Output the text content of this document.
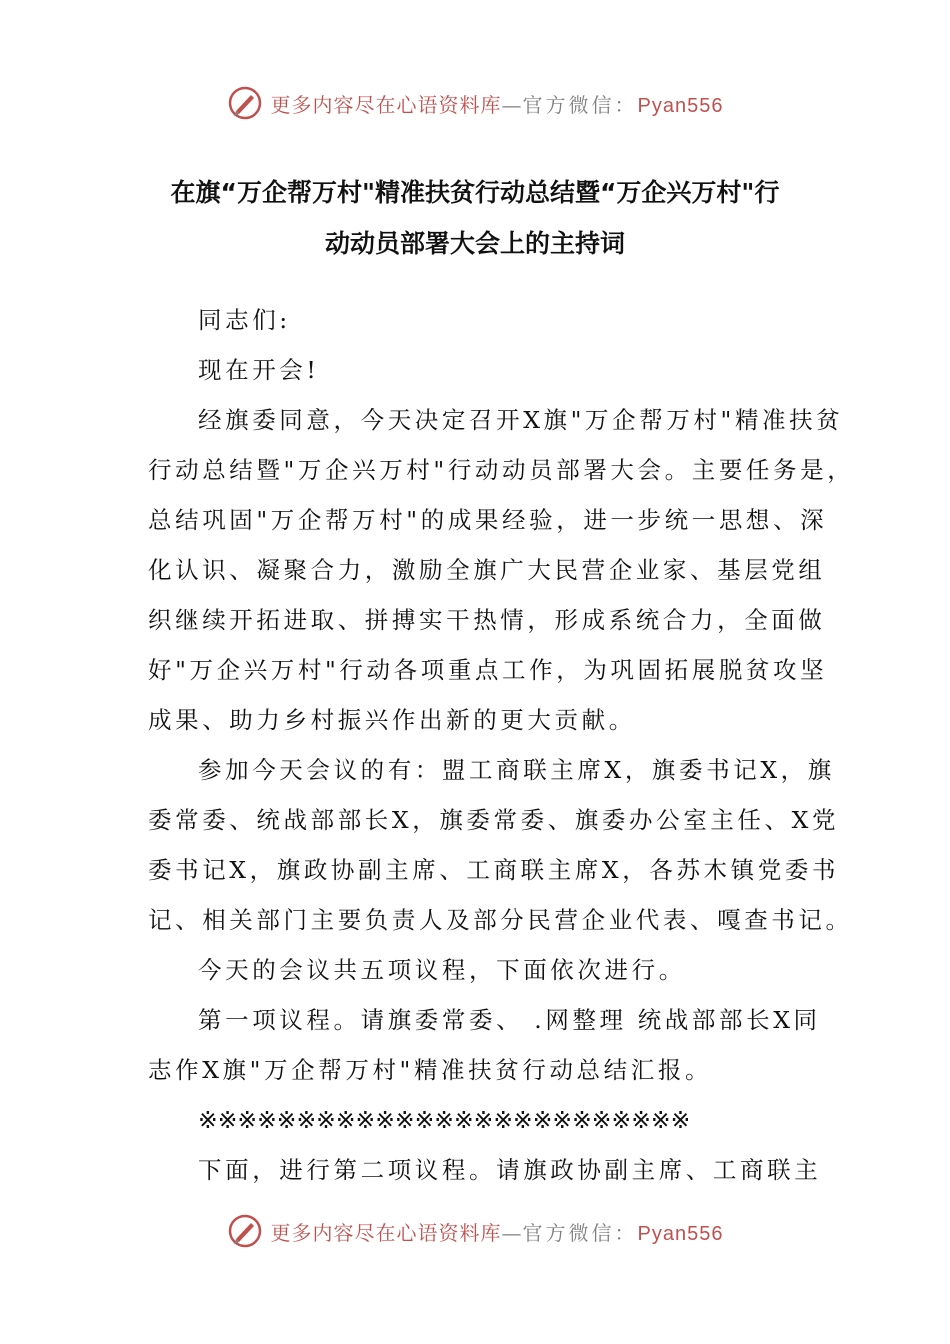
更多内容尽在心语资料库—官方微信：Pyan556
在旗“万企帮万村"精准扶贫行动总结暨“万企兴万村"行
动动员部署大会上的主持词
同志们:
现在开会!
经旗委同意，今天决定召开X旗"万企帮万村"精准扶贫
行动总结暨"万企兴万村"行动动员部署大会。主要任务是，
总结巩固"万企帮万村"的成果经验，进一步统一思想、深
化认识、凝聚合力，激励全旗广大民营企业家、基层党组
织继续开拓进取、拼搏实干热情，形成系统合力，全面做
好"万企兴万村"行动各项重点工作，为巩固拓展脱贫攻坚
成果、助力乡村振兴作出新的更大贡献。
参加今天会议的有：盟工商联主席X，旗委书记X，旗
委常委、统战部部长X，旗委常委、旗委办公室主任、X党
委书记X，旗政协副主席、工商联主席X，各苏木镇党委书
记、相关部门主要负责人及部分民营企业代表、嘎查书记。
今天的会议共五项议程，下面依次进行。
第一项议程。请旗委常委、 .网整理 统战部部长X同
志作X旗"万企帮万村"精准扶贫行动总结汇报。
※※※※※※※※※※※※※※※※※※※※※※※※※
下面，进行第二项议程。请旗政协副主席、工商联主
更多内容尽在心语资料库—官方微信：Pyan556
